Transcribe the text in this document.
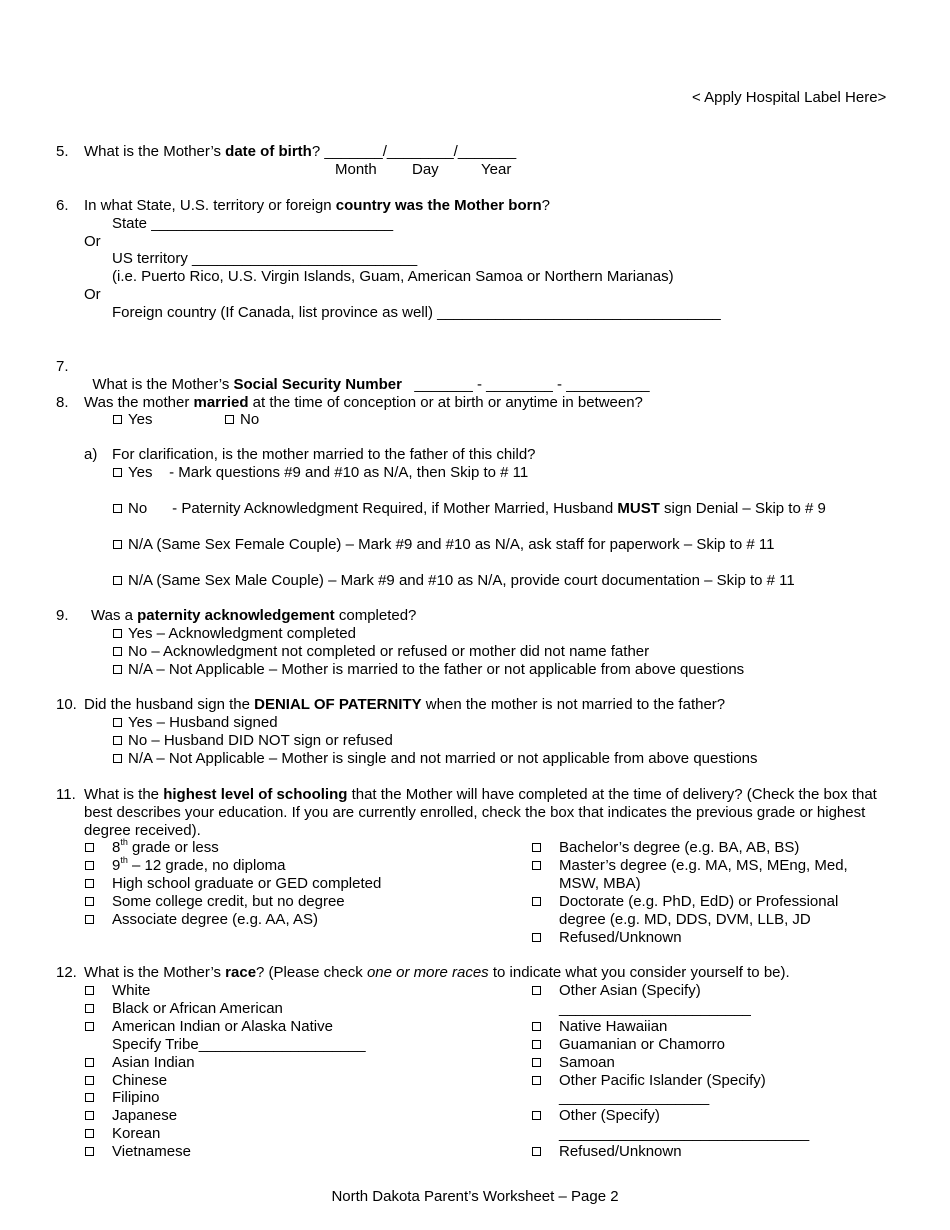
< Apply Hospital Label Here>
5. What is the Mother’s date of birth? _______/________/_______
Month Day	Year
6. In what State, U.S. territory or foreign country was the Mother born?
State _____________________________
Or
US territory ___________________________
(i.e. Puerto Rico, U.S. Virgin Islands, Guam, American Samoa or Northern Marianas)
Or
Foreign country (If Canada, list province as well) __________________________________
7.

What is the Mother’s Social Security Number   _______ - ________ - __________

8. Was the mother married at the time of conception or at birth or anytime in between?
Yes	No
a) For clarification, is the mother married to the father of this child?
Yes    - Mark questions #9 and #10 as N/A, then Skip to # 11
No      - Paternity Acknowledgment Required, if Mother Married, Husband MUST sign Denial – Skip to # 9
N/A (Same Sex Female Couple) – Mark #9 and #10 as N/A, ask staff for paperwork – Skip to # 11
N/A (Same Sex Male Couple) – Mark #9 and #10 as N/A, provide court documentation – Skip to # 11
9. Was a paternity acknowledgement completed?
Yes – Acknowledgment completed
No – Acknowledgment not completed or refused or mother did not name father
N/A – Not Applicable – Mother is married to the father or not applicable from above questions
10. Did the husband sign the DENIAL OF PATERNITY when the mother is not married to the father?
Yes – Husband signed
No – Husband DID NOT sign or refused
N/A – Not Applicable – Mother is single and not married or not applicable from above questions
11. What is the highest level of schooling that the Mother will have completed at the time of delivery? (Check the box that best describes your education. If you are currently enrolled, check the box that indicates the previous grade or highest degree received).
8th grade or less
9th – 12 grade, no diploma
High school graduate or GED completed
Some college credit, but no degree
Associate degree (e.g. AA, AS)
Bachelor’s degree (e.g. BA, AB, BS)
Master’s degree (e.g. MA, MS, MEng, Med, MSW, MBA)
Doctorate (e.g. PhD, EdD) or Professional degree (e.g. MD, DDS, DVM, LLB, JD
Refused/Unknown
12. What is the Mother’s race? (Please check one or more races to indicate what you consider yourself to be).
White
Black or African American
American Indian or Alaska Native
Specify Tribe____________________
Asian Indian
Chinese
Filipino
Japanese
Korean
Vietnamese
Other Asian (Specify)
_______________________
Native Hawaiian
Guamanian or Chamorro
Samoan
Other Pacific Islander (Specify)
__________________
Other (Specify)
______________________________
Refused/Unknown
North Dakota Parent’s Worksheet – Page 2
